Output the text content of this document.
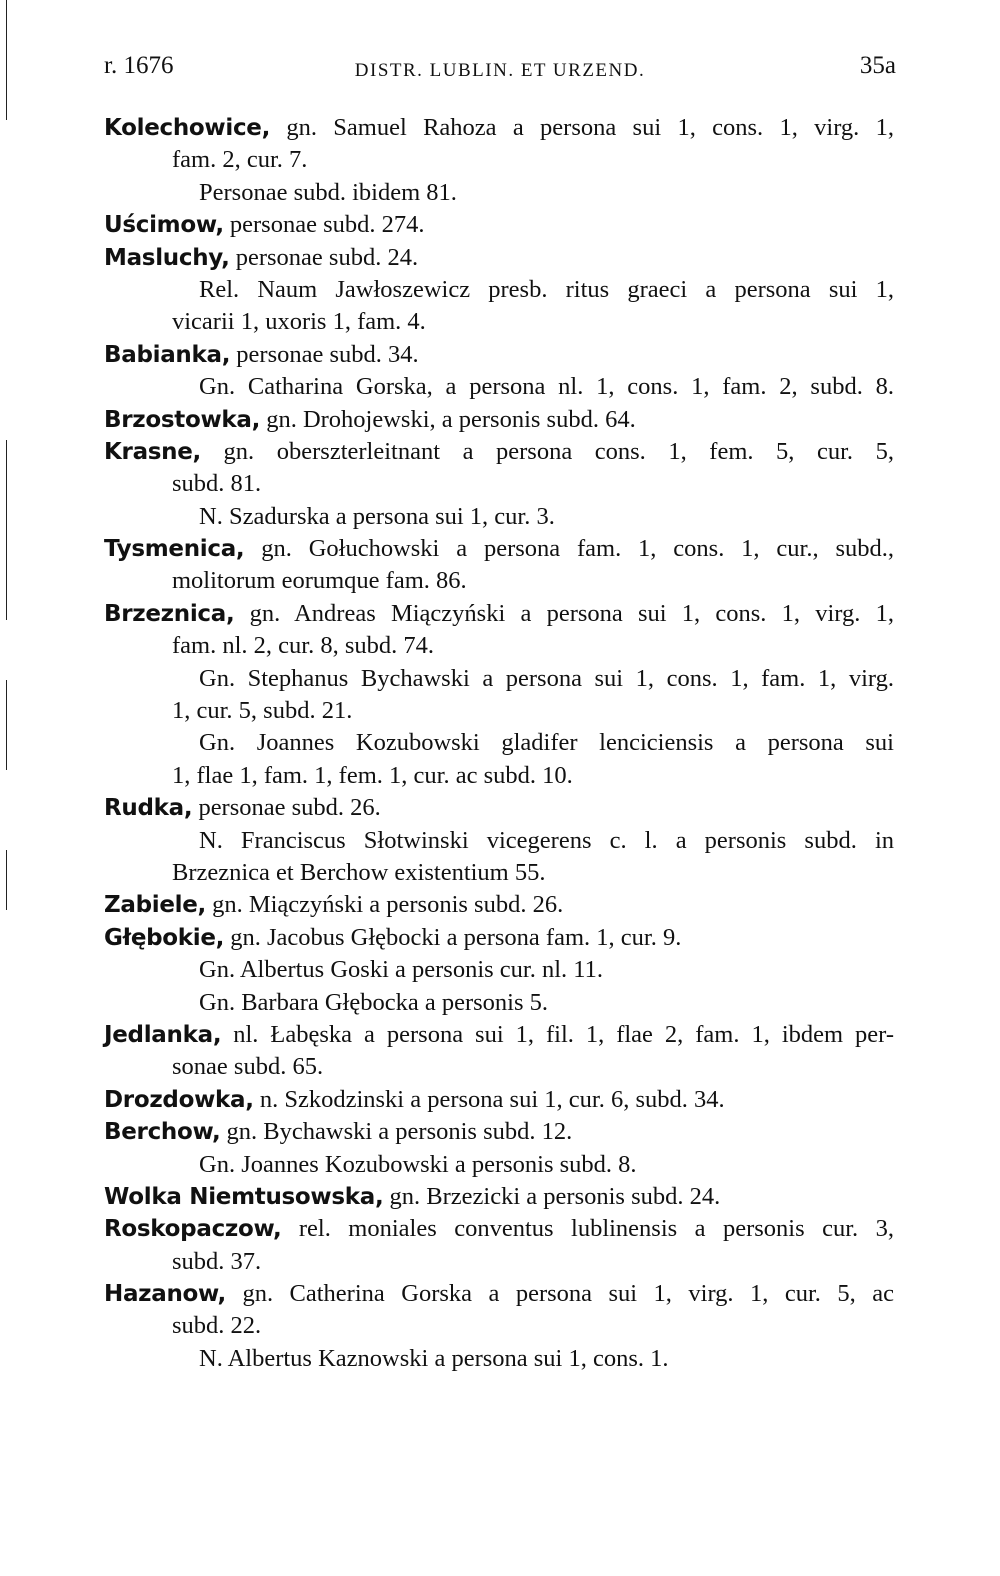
r. 1676	DISTR. LUBLIN. ET URZEND.	35a
Kolechowice, gn. Samuel Rahoza a persona sui 1, cons. 1, virg. 1,
fam. 2, cur. 7.
Personae subd. ibidem 81.
Uścimow, personae subd. 274.
Masluchy, personae subd. 24.
Rel. Naum Jawłoszewicz presb. ritus graeci a persona sui 1,
vicarii 1, uxoris 1, fam. 4.
Babianka, personae subd. 34.
Gn. Catharina Gorska, a persona nl. 1, cons. 1, fam. 2, subd. 8.
Brzostowka, gn. Drohojewski, a personis subd. 64.
Krasne, gn. oberszterleitnant a persona cons. 1, fem. 5, cur. 5,
subd. 81.
N. Szadurska a persona sui 1, cur. 3.
Tysmenica, gn. Gołuchowski a persona fam. 1, cons. 1, cur., subd.,
molitorum eorumque fam. 86.
Brzeznica, gn. Andreas Miączyński a persona sui 1, cons. 1, virg. 1,
fam. nl. 2, cur. 8, subd. 74.
Gn. Stephanus Bychawski a persona sui 1, cons. 1, fam. 1, virg.
1, cur. 5, subd. 21.
Gn. Joannes Kozubowski gladifer lenciciensis a persona sui
1, flae 1, fam. 1, fem. 1, cur. ac subd. 10.
Rudka, personae subd. 26.
N. Franciscus Słotwinski vicegerens c. l. a personis subd. in
Brzeznica et Berchow existentium 55.
Zabiele, gn. Miączyński a personis subd. 26.
Głębokie, gn. Jacobus Głębocki a persona fam. 1, cur. 9.
Gn. Albertus Goski a personis cur. nl. 11.
Gn. Barbara Głębocka a personis 5.
Jedlanka, nl. Łabęska a persona sui 1, fil. 1, flae 2, fam. 1, ibdem per-
sonae subd. 65.
Drozdowka, n. Szkodzinski a persona sui 1, cur. 6, subd. 34.
Berchow, gn. Bychawski a personis subd. 12.
Gn. Joannes Kozubowski a personis subd. 8.
Wolka Niemtusowska, gn. Brzezicki a personis subd. 24.
Roskopaczow, rel. moniales conventus lublinensis a personis cur. 3,
subd. 37.
Hazanow, gn. Catherina Gorska a persona sui 1, virg. 1, cur. 5, ac
subd. 22.
N. Albertus Kaznowski a persona sui 1, cons. 1.
